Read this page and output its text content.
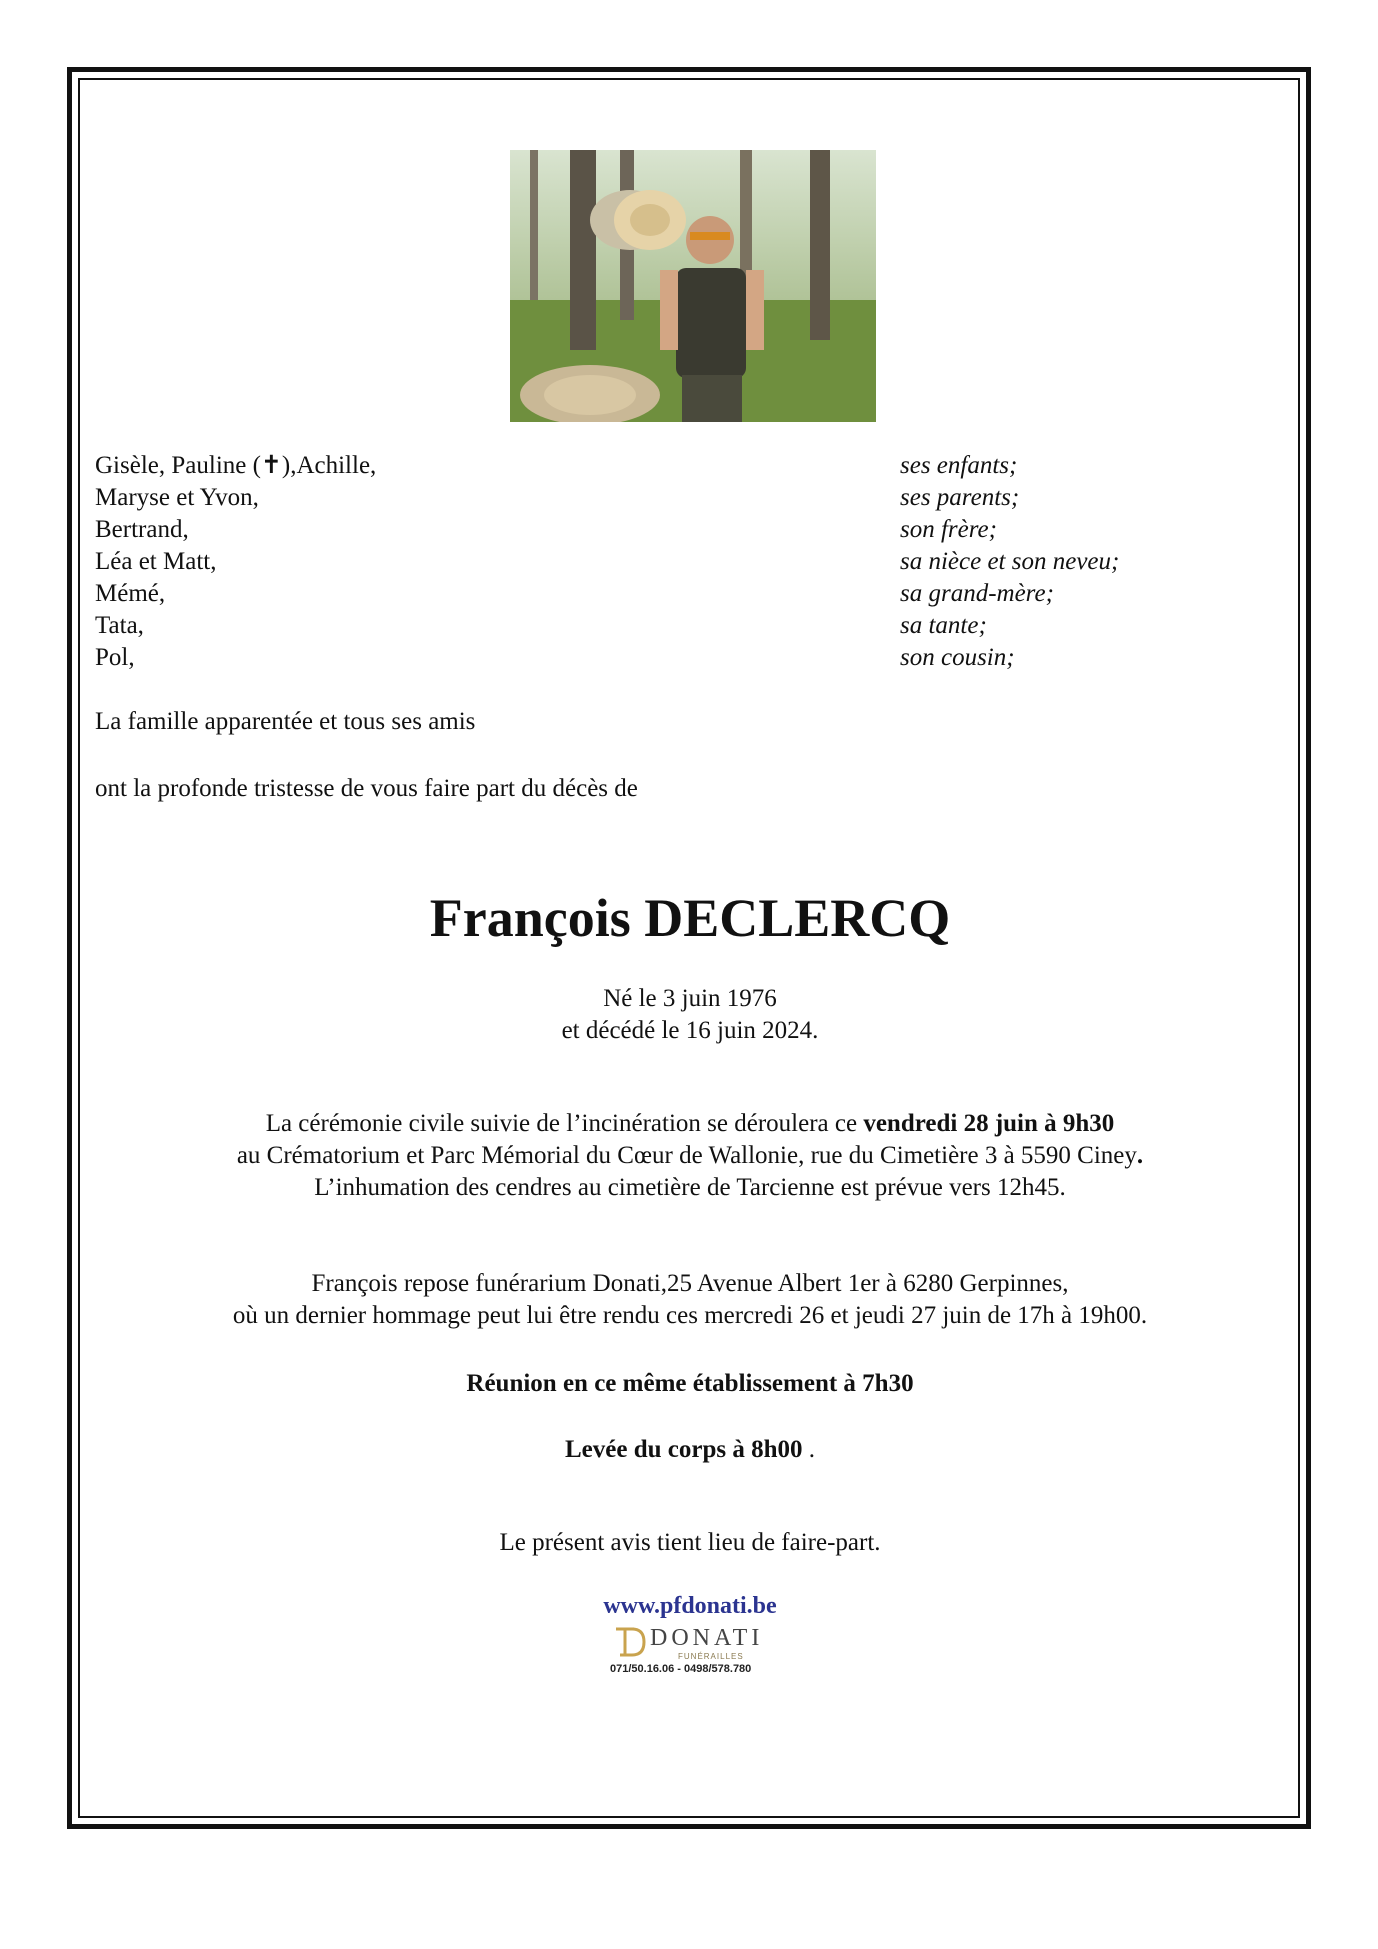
Gisèle, Pauline (✝),Achille,	ses enfants;
Maryse et Yvon,	ses parents;
Bertrand,	son frère;
Léa et Matt,	sa nièce et son neveu;
Mémé,	sa grand-mère;
Tata,	sa tante;
Pol,	son cousin;
La famille apparentée et tous ses amis
ont la profonde tristesse de vous faire part du décès de
François DECLERCQ
Né le 3 juin 1976
et décédé le 16 juin 2024.
La cérémonie civile suivie de l’incinération se déroulera ce vendredi 28 juin à 9h30
au Crématorium et Parc Mémorial du Cœur de Wallonie, rue du Cimetière 3 à 5590 Ciney.
L’inhumation des cendres au cimetière de Tarcienne est prévue vers 12h45.
François repose funérarium Donati,25 Avenue Albert 1er à 6280 Gerpinnes,
où un dernier hommage peut lui être rendu ces mercredi 26 et jeudi 27 juin de 17h à 19h00.
Réunion en ce même établissement à 7h30
Levée du corps à 8h00 .
Le présent avis tient lieu de faire-part.
www.pfdonati.be
DONATI
FUNÉRAILLES
071/50.16.06 - 0498/578.780
